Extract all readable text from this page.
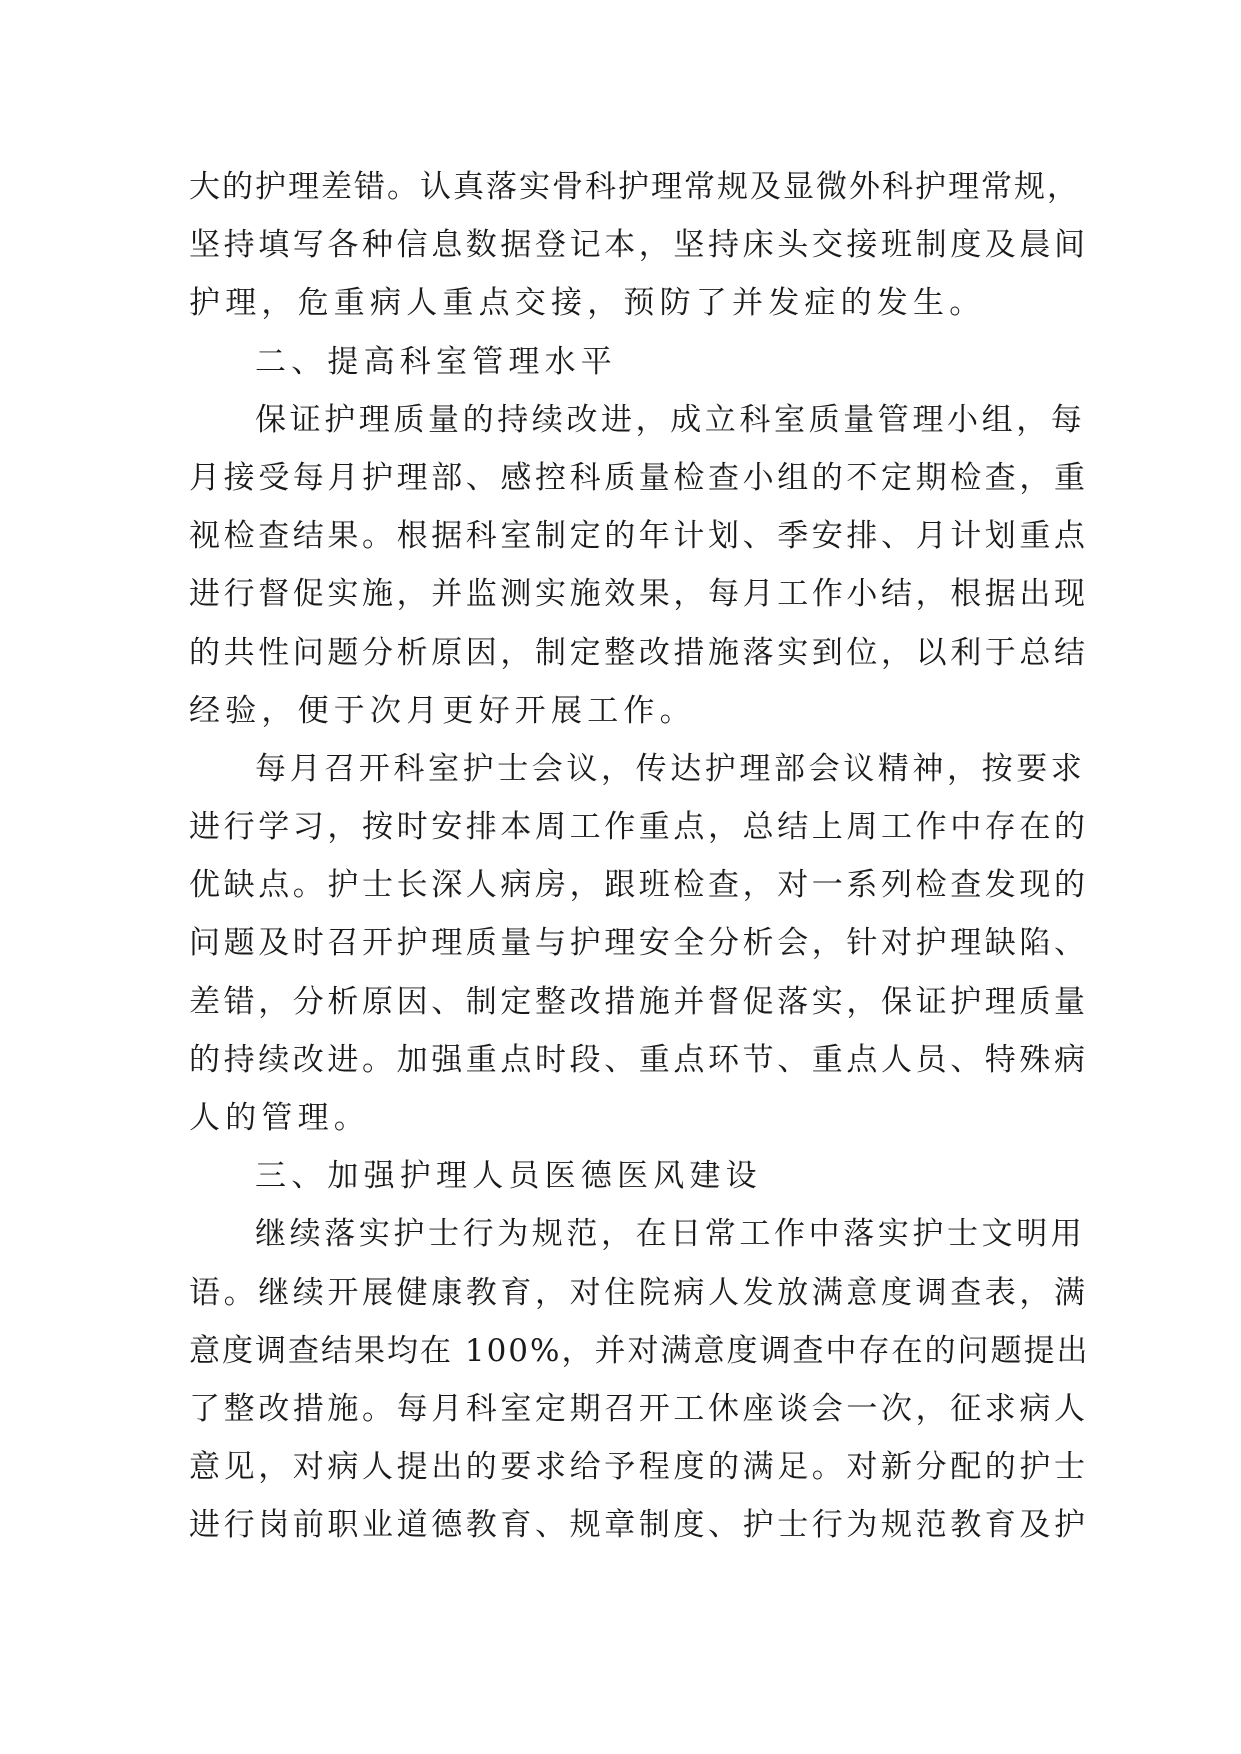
大的护理差错。认真落实骨科护理常规及显微外科护理常规，
坚持填写各种信息数据登记本，坚持床头交接班制度及晨间
护理，危重病人重点交接，预防了并发症的发生。
二、提高科室管理水平
保证护理质量的持续改进，成立科室质量管理小组，每
月接受每月护理部、感控科质量检查小组的不定期检查，重
视检查结果。根据科室制定的年计划、季安排、月计划重点
进行督促实施，并监测实施效果，每月工作小结，根据出现
的共性问题分析原因，制定整改措施落实到位，以利于总结
经验，便于次月更好开展工作。
每月召开科室护士会议，传达护理部会议精神，按要求
进行学习，按时安排本周工作重点，总结上周工作中存在的
优缺点。护士长深人病房，跟班检查，对一系列检查发现的
问题及时召开护理质量与护理安全分析会，针对护理缺陷、
差错，分析原因、制定整改措施并督促落实，保证护理质量
的持续改进。加强重点时段、重点环节、重点人员、特殊病
人的管理。
三、加强护理人员医德医风建设
继续落实护士行为规范，在日常工作中落实护士文明用
语。继续开展健康教育，对住院病人发放满意度调查表，满
意度调查结果均在 100%，并对满意度调查中存在的问题提出
了整改措施。每月科室定期召开工休座谈会一次，征求病人
意见，对病人提出的要求给予程度的满足。对新分配的护士
进行岗前职业道德教育、规章制度、护士行为规范教育及护
